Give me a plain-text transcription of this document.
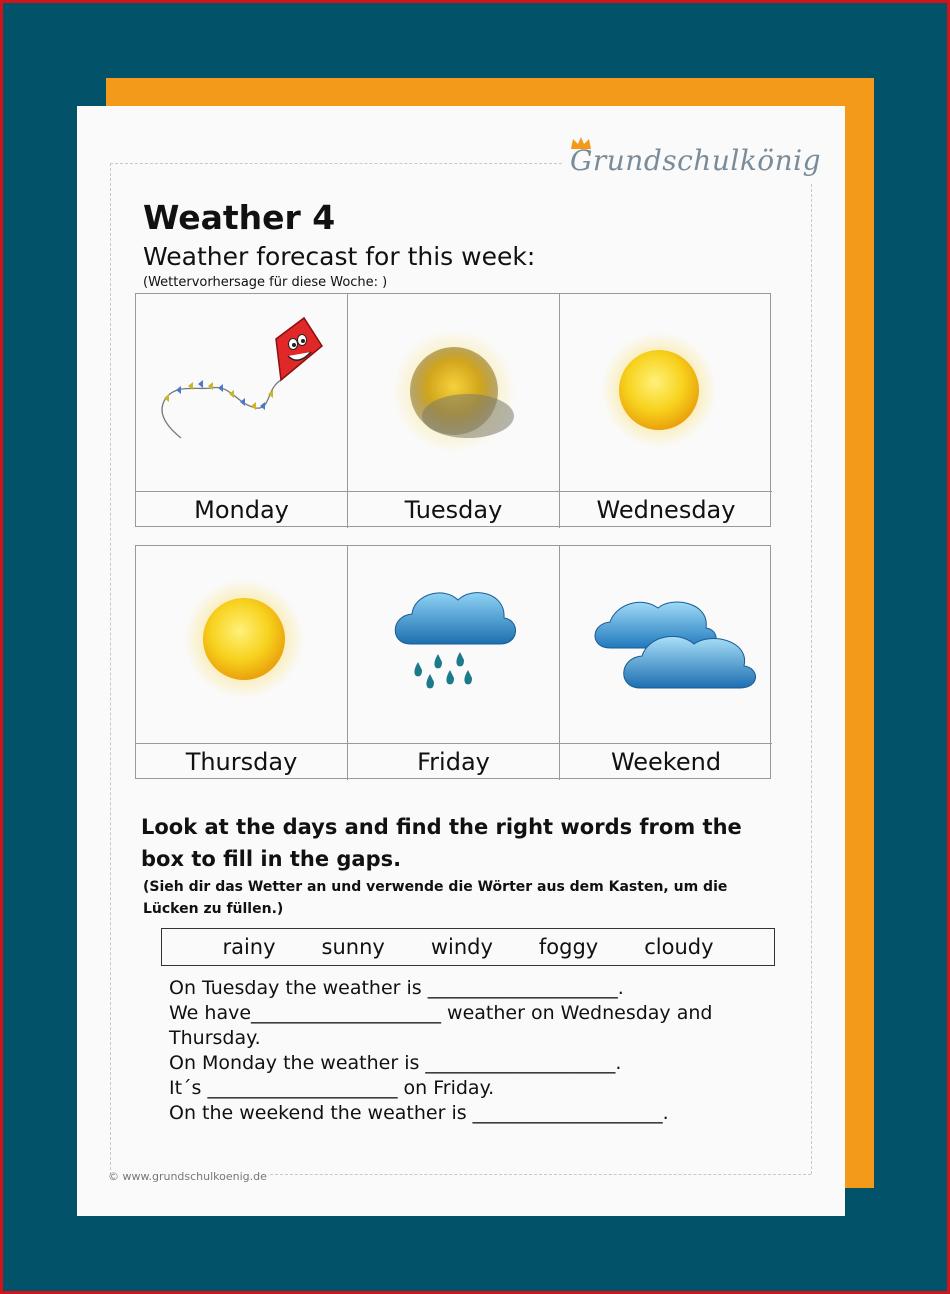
Grundschulkönig
Weather 4
Weather forecast for this week:
(Wettervorhersage für diese Woche: )
Monday	Tuesday	Wednesday
Thursday	Friday	Weekend
Look at the days and find the right words from the box to fill in the gaps.
(Sieh dir das Wetter an und verwende die Wörter aus dem Kasten, um die Lücken zu füllen.)
rainy sunny windy foggy cloudy
On Tuesday the weather is ____________________.
We have____________________ weather on Wednesday and
Thursday.
On Monday the weather is ____________________.
It´s ____________________ on Friday.
On the weekend the weather is ____________________.
© www.grundschulkoenig.de
